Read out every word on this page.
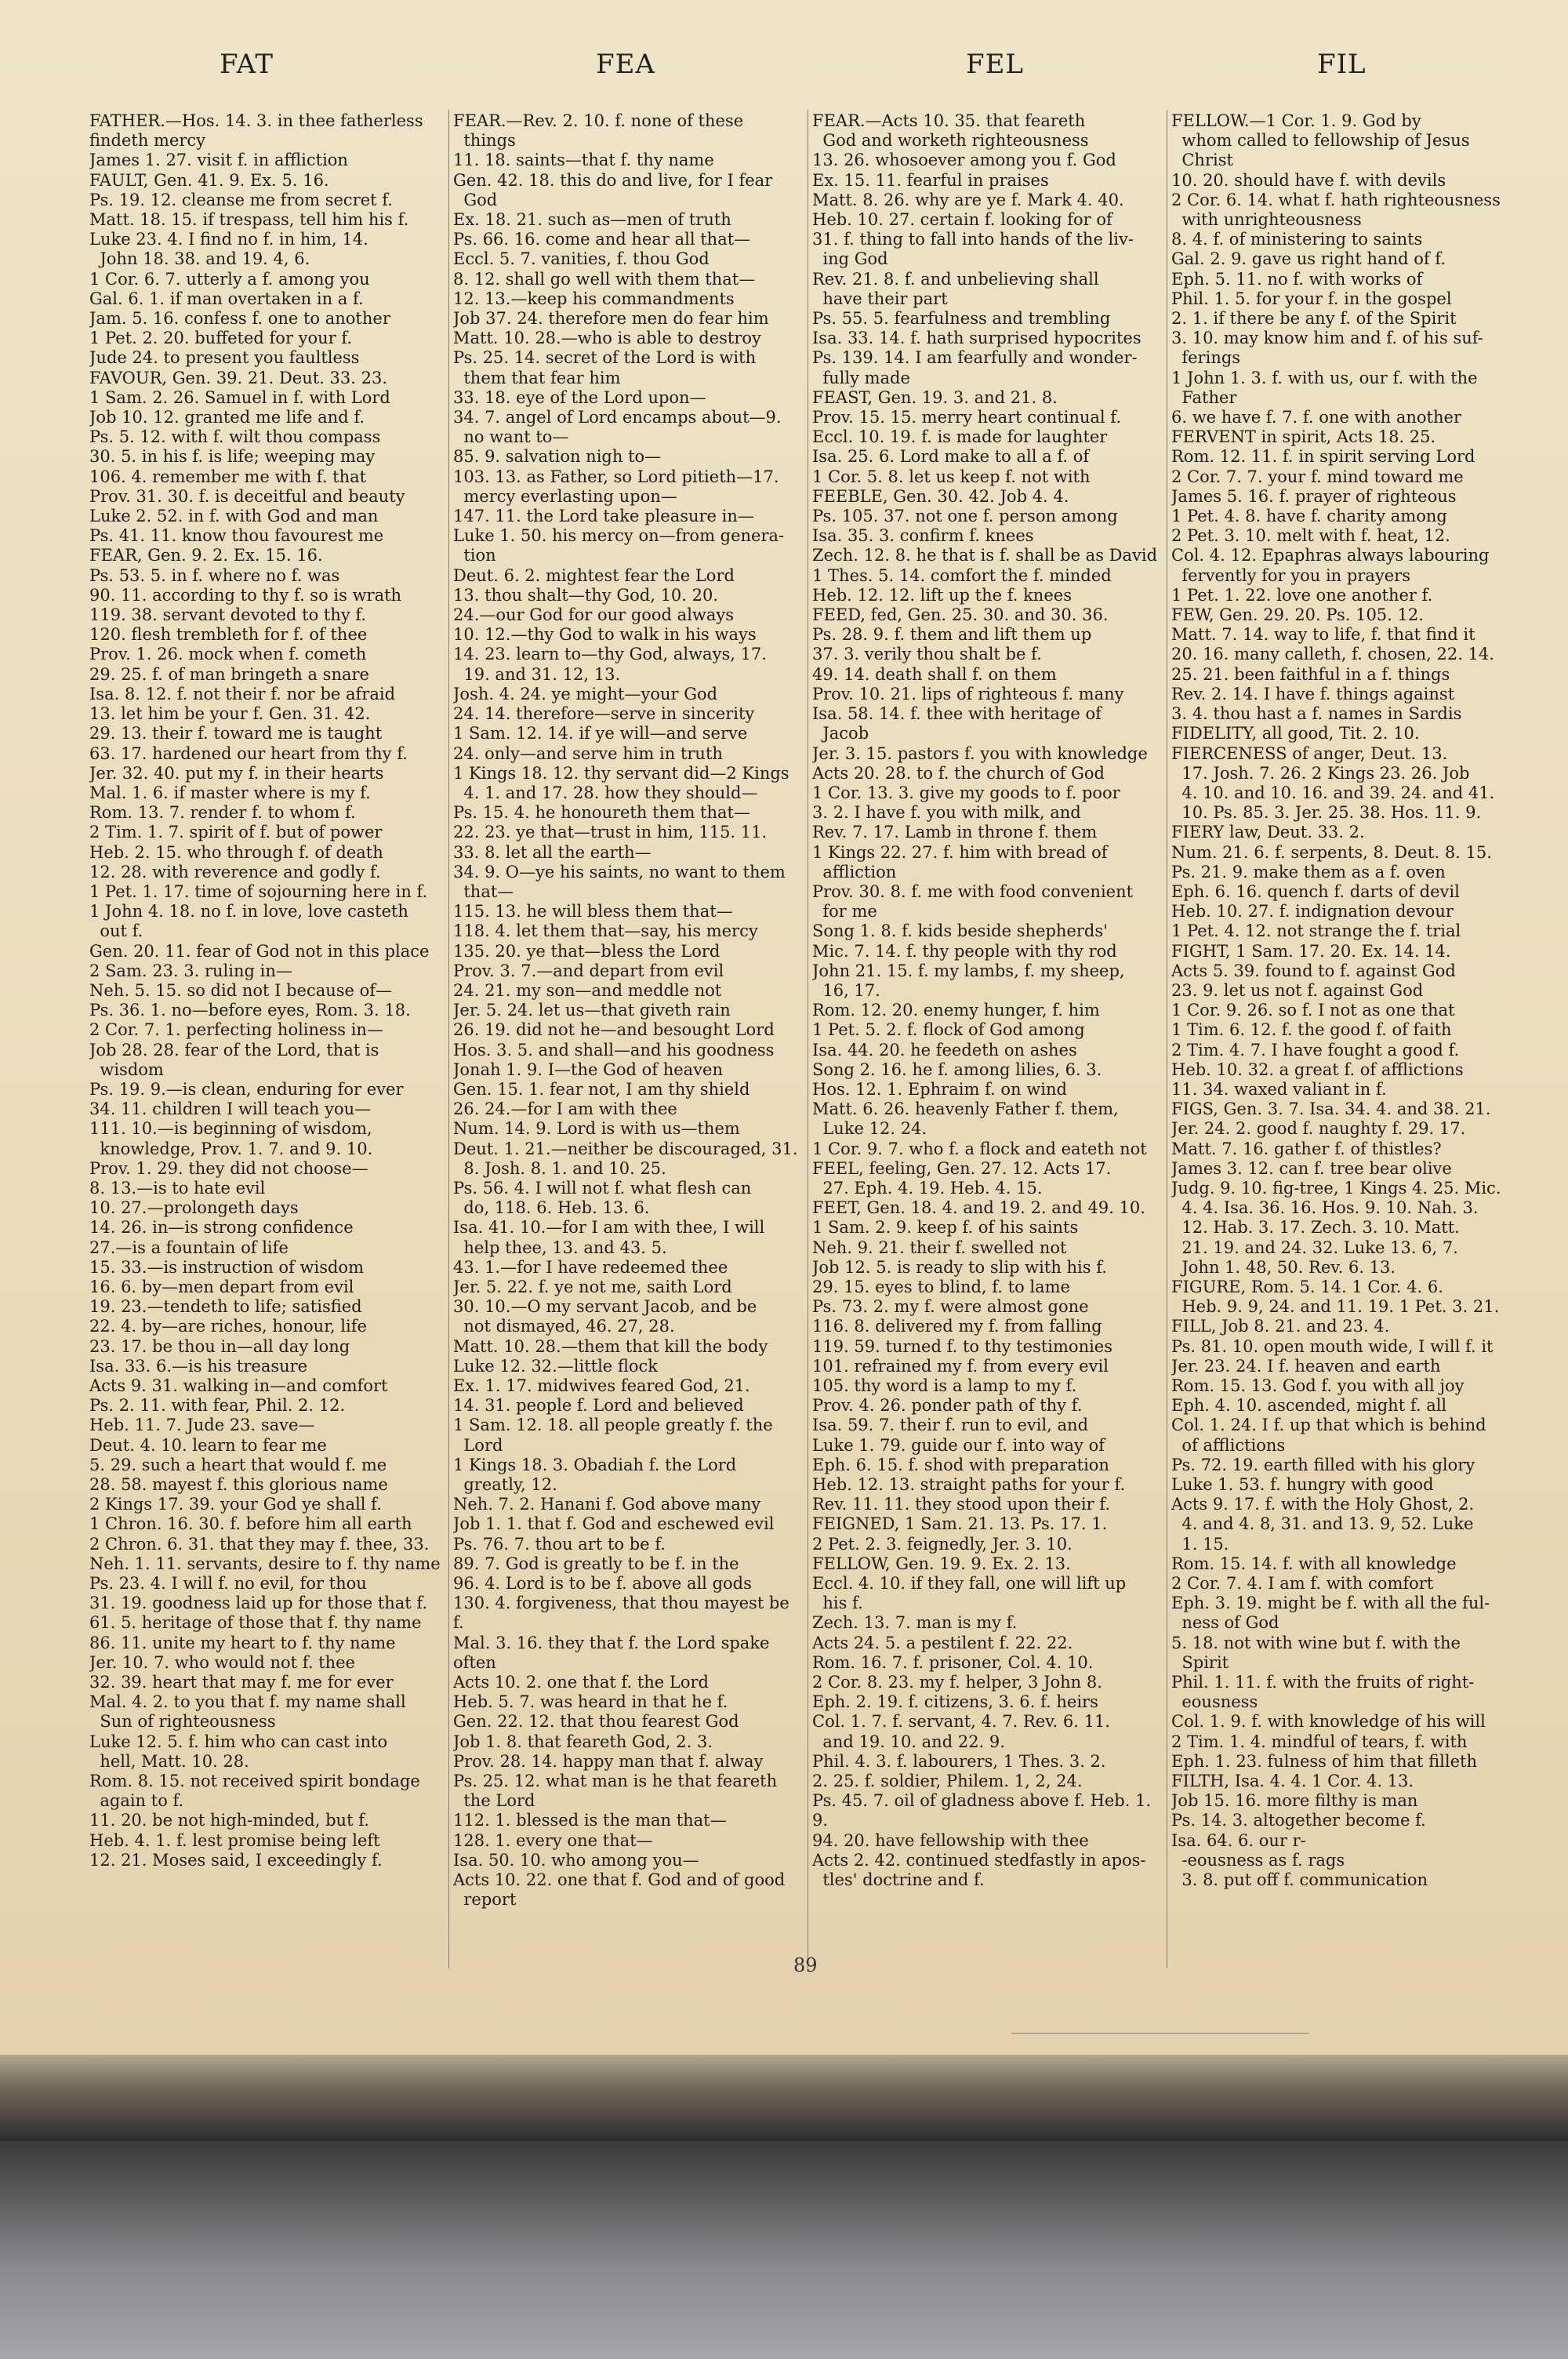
FAT	FEA	FEL	FIL
FATHER.—Hos. 14. 3. in thee fatherless findeth mercy
James 1. 27. visit f. in affliction
FAULT, Gen. 41. 9. Ex. 5. 16.
Ps. 19. 12. cleanse me from secret f.
Matt. 18. 15. if trespass, tell him his f.
Luke 23. 4. I find no f. in him, 14.
John 18. 38. and 19. 4, 6.
1 Cor. 6. 7. utterly a f. among you
Gal. 6. 1. if man overtaken in a f.
Jam. 5. 16. confess f. one to another
1 Pet. 2. 20. buffeted for your f.
Jude 24. to present you faultless
FAVOUR, Gen. 39. 21. Deut. 33. 23.
1 Sam. 2. 26. Samuel in f. with Lord
Job 10. 12. granted me life and f.
Ps. 5. 12. with f. wilt thou compass
30. 5. in his f. is life; weeping may
106. 4. remember me with f. that
Prov. 31. 30. f. is deceitful and beauty
Luke 2. 52. in f. with God and man
Ps. 41. 11. know thou favourest me
FEAR, Gen. 9. 2. Ex. 15. 16.
Ps. 53. 5. in f. where no f. was
90. 11. according to thy f. so is wrath
119. 38. servant devoted to thy f.
120. flesh trembleth for f. of thee
Prov. 1. 26. mock when f. cometh
29. 25. f. of man bringeth a snare
Isa. 8. 12. f. not their f. nor be afraid
13. let him be your f. Gen. 31. 42.
29. 13. their f. toward me is taught
63. 17. hardened our heart from thy f.
Jer. 32. 40. put my f. in their hearts
Mal. 1. 6. if master where is my f.
Rom. 13. 7. render f. to whom f.
2 Tim. 1. 7. spirit of f. but of power
Heb. 2. 15. who through f. of death
12. 28. with reverence and godly f.
1 Pet. 1. 17. time of sojourning here in f.
1 John 4. 18. no f. in love, love casteth
out f.
Gen. 20. 11. fear of God not in this place
2 Sam. 23. 3. ruling in—
Neh. 5. 15. so did not I because of—
Ps. 36. 1. no—before eyes, Rom. 3. 18.
2 Cor. 7. 1. perfecting holiness in—
Job 28. 28. fear of the Lord, that is
wisdom
Ps. 19. 9.—is clean, enduring for ever
34. 11. children I will teach you—
111. 10.—is beginning of wisdom,
knowledge, Prov. 1. 7. and 9. 10.
Prov. 1. 29. they did not choose—
8. 13.—is to hate evil
10. 27.—prolongeth days
14. 26. in—is strong confidence
27.—is a fountain of life
15. 33.—is instruction of wisdom
16. 6. by—men depart from evil
19. 23.—tendeth to life; satisfied
22. 4. by—are riches, honour, life
23. 17. be thou in—all day long
Isa. 33. 6.—is his treasure
Acts 9. 31. walking in—and comfort
Ps. 2. 11. with fear, Phil. 2. 12.
Heb. 11. 7. Jude 23. save—
Deut. 4. 10. learn to fear me
5. 29. such a heart that would f. me
28. 58. mayest f. this glorious name
2 Kings 17. 39. your God ye shall f.
1 Chron. 16. 30. f. before him all earth
2 Chron. 6. 31. that they may f. thee, 33.
Neh. 1. 11. servants, desire to f. thy name
Ps. 23. 4. I will f. no evil, for thou
31. 19. goodness laid up for those that f.
61. 5. heritage of those that f. thy name
86. 11. unite my heart to f. thy name
Jer. 10. 7. who would not f. thee
32. 39. heart that may f. me for ever
Mal. 4. 2. to you that f. my name shall
Sun of righteousness
Luke 12. 5. f. him who can cast into
hell, Matt. 10. 28.
Rom. 8. 15. not received spirit bondage
again to f.
11. 20. be not high-minded, but f.
Heb. 4. 1. f. lest promise being left
12. 21. Moses said, I exceedingly f.
FEAR.—Rev. 2. 10. f. none of these
things
11. 18. saints—that f. thy name
Gen. 42. 18. this do and live, for I fear
God
Ex. 18. 21. such as—men of truth
Ps. 66. 16. come and hear all that—
Eccl. 5. 7. vanities, f. thou God
8. 12. shall go well with them that—
12. 13.—keep his commandments
Job 37. 24. therefore men do fear him
Matt. 10. 28.—who is able to destroy
Ps. 25. 14. secret of the Lord is with
them that fear him
33. 18. eye of the Lord upon—
34. 7. angel of Lord encamps about—9.
no want to—
85. 9. salvation nigh to—
103. 13. as Father, so Lord pitieth—17.
mercy everlasting upon—
147. 11. the Lord take pleasure in—
Luke 1. 50. his mercy on—from genera-
tion
Deut. 6. 2. mightest fear the Lord
13. thou shalt—thy God, 10. 20.
24.—our God for our good always
10. 12.—thy God to walk in his ways
14. 23. learn to—thy God, always, 17.
19. and 31. 12, 13.
Josh. 4. 24. ye might—your God
24. 14. therefore—serve in sincerity
1 Sam. 12. 14. if ye will—and serve
24. only—and serve him in truth
1 Kings 18. 12. thy servant did—2 Kings
4. 1. and 17. 28. how they should—
Ps. 15. 4. he honoureth them that—
22. 23. ye that—trust in him, 115. 11.
33. 8. let all the earth—
34. 9. O—ye his saints, no want to them
that—
115. 13. he will bless them that—
118. 4. let them that—say, his mercy
135. 20. ye that—bless the Lord
Prov. 3. 7.—and depart from evil
24. 21. my son—and meddle not
Jer. 5. 24. let us—that giveth rain
26. 19. did not he—and besought Lord
Hos. 3. 5. and shall—and his goodness
Jonah 1. 9. I—the God of heaven
Gen. 15. 1. fear not, I am thy shield
26. 24.—for I am with thee
Num. 14. 9. Lord is with us—them
Deut. 1. 21.—neither be discouraged, 31.
8. Josh. 8. 1. and 10. 25.
Ps. 56. 4. I will not f. what flesh can
do, 118. 6. Heb. 13. 6.
Isa. 41. 10.—for I am with thee, I will
help thee, 13. and 43. 5.
43. 1.—for I have redeemed thee
Jer. 5. 22. f. ye not me, saith Lord
30. 10.—O my servant Jacob, and be
not dismayed, 46. 27, 28.
Matt. 10. 28.—them that kill the body
Luke 12. 32.—little flock
Ex. 1. 17. midwives feared God, 21.
14. 31. people f. Lord and believed
1 Sam. 12. 18. all people greatly f. the
Lord
1 Kings 18. 3. Obadiah f. the Lord
greatly, 12.
Neh. 7. 2. Hanani f. God above many
Job 1. 1. that f. God and eschewed evil
Ps. 76. 7. thou art to be f.
89. 7. God is greatly to be f. in the
96. 4. Lord is to be f. above all gods
130. 4. forgiveness, that thou mayest be f.
Mal. 3. 16. they that f. the Lord spake often
Acts 10. 2. one that f. the Lord
Heb. 5. 7. was heard in that he f.
Gen. 22. 12. that thou fearest God
Job 1. 8. that feareth God, 2. 3.
Prov. 28. 14. happy man that f. alway
Ps. 25. 12. what man is he that feareth
the Lord
112. 1. blessed is the man that—
128. 1. every one that—
Isa. 50. 10. who among you—
Acts 10. 22. one that f. God and of good
report
FEAR.—Acts 10. 35. that feareth
God and worketh righteousness
13. 26. whosoever among you f. God
Ex. 15. 11. fearful in praises
Matt. 8. 26. why are ye f. Mark 4. 40.
Heb. 10. 27. certain f. looking for of
31. f. thing to fall into hands of the liv-
ing God
Rev. 21. 8. f. and unbelieving shall
have their part
Ps. 55. 5. fearfulness and trembling
Isa. 33. 14. f. hath surprised hypocrites
Ps. 139. 14. I am fearfully and wonder-
fully made
FEAST, Gen. 19. 3. and 21. 8.
Prov. 15. 15. merry heart continual f.
Eccl. 10. 19. f. is made for laughter
Isa. 25. 6. Lord make to all a f. of
1 Cor. 5. 8. let us keep f. not with
FEEBLE, Gen. 30. 42. Job 4. 4.
Ps. 105. 37. not one f. person among
Isa. 35. 3. confirm f. knees
Zech. 12. 8. he that is f. shall be as David
1 Thes. 5. 14. comfort the f. minded
Heb. 12. 12. lift up the f. knees
FEED, fed, Gen. 25. 30. and 30. 36.
Ps. 28. 9. f. them and lift them up
37. 3. verily thou shalt be f.
49. 14. death shall f. on them
Prov. 10. 21. lips of righteous f. many
Isa. 58. 14. f. thee with heritage of
Jacob
Jer. 3. 15. pastors f. you with knowledge
Acts 20. 28. to f. the church of God
1 Cor. 13. 3. give my goods to f. poor
3. 2. I have f. you with milk, and
Rev. 7. 17. Lamb in throne f. them
1 Kings 22. 27. f. him with bread of
affliction
Prov. 30. 8. f. me with food convenient
for me
Song 1. 8. f. kids beside shepherds'
Mic. 7. 14. f. thy people with thy rod
John 21. 15. f. my lambs, f. my sheep,
16, 17.
Rom. 12. 20. enemy hunger, f. him
1 Pet. 5. 2. f. flock of God among
Isa. 44. 20. he feedeth on ashes
Song 2. 16. he f. among lilies, 6. 3.
Hos. 12. 1. Ephraim f. on wind
Matt. 6. 26. heavenly Father f. them,
Luke 12. 24.
1 Cor. 9. 7. who f. a flock and eateth not
FEEL, feeling, Gen. 27. 12. Acts 17.
27. Eph. 4. 19. Heb. 4. 15.
FEET, Gen. 18. 4. and 19. 2. and 49. 10.
1 Sam. 2. 9. keep f. of his saints
Neh. 9. 21. their f. swelled not
Job 12. 5. is ready to slip with his f.
29. 15. eyes to blind, f. to lame
Ps. 73. 2. my f. were almost gone
116. 8. delivered my f. from falling
119. 59. turned f. to thy testimonies
101. refrained my f. from every evil
105. thy word is a lamp to my f.
Prov. 4. 26. ponder path of thy f.
Isa. 59. 7. their f. run to evil, and
Luke 1. 79. guide our f. into way of
Eph. 6. 15. f. shod with preparation
Heb. 12. 13. straight paths for your f.
Rev. 11. 11. they stood upon their f.
FEIGNED, 1 Sam. 21. 13. Ps. 17. 1.
2 Pet. 2. 3. feignedly, Jer. 3. 10.
FELLOW, Gen. 19. 9. Ex. 2. 13.
Eccl. 4. 10. if they fall, one will lift up
his f.
Zech. 13. 7. man is my f.
Acts 24. 5. a pestilent f. 22. 22.
Rom. 16. 7. f. prisoner, Col. 4. 10.
2 Cor. 8. 23. my f. helper, 3 John 8.
Eph. 2. 19. f. citizens, 3. 6. f. heirs
Col. 1. 7. f. servant, 4. 7. Rev. 6. 11.
and 19. 10. and 22. 9.
Phil. 4. 3. f. labourers, 1 Thes. 3. 2.
2. 25. f. soldier, Philem. 1, 2, 24.
Ps. 45. 7. oil of gladness above f. Heb. 1. 9.
94. 20. have fellowship with thee
Acts 2. 42. continued stedfastly in apos-
tles' doctrine and f.
FELLOW.—1 Cor. 1. 9. God by
whom called to fellowship of Jesus
Christ
10. 20. should have f. with devils
2 Cor. 6. 14. what f. hath righteousness
with unrighteousness
8. 4. f. of ministering to saints
Gal. 2. 9. gave us right hand of f.
Eph. 5. 11. no f. with works of
Phil. 1. 5. for your f. in the gospel
2. 1. if there be any f. of the Spirit
3. 10. may know him and f. of his suf-
ferings
1 John 1. 3. f. with us, our f. with the
Father
6. we have f. 7. f. one with another
FERVENT in spirit, Acts 18. 25.
Rom. 12. 11. f. in spirit serving Lord
2 Cor. 7. 7. your f. mind toward me
James 5. 16. f. prayer of righteous
1 Pet. 4. 8. have f. charity among
2 Pet. 3. 10. melt with f. heat, 12.
Col. 4. 12. Epaphras always labouring
fervently for you in prayers
1 Pet. 1. 22. love one another f.
FEW, Gen. 29. 20. Ps. 105. 12.
Matt. 7. 14. way to life, f. that find it
20. 16. many calleth, f. chosen, 22. 14.
25. 21. been faithful in a f. things
Rev. 2. 14. I have f. things against
3. 4. thou hast a f. names in Sardis
FIDELITY, all good, Tit. 2. 10.
FIERCENESS of anger, Deut. 13.
17. Josh. 7. 26. 2 Kings 23. 26. Job
4. 10. and 10. 16. and 39. 24. and 41.
10. Ps. 85. 3. Jer. 25. 38. Hos. 11. 9.
FIERY law, Deut. 33. 2.
Num. 21. 6. f. serpents, 8. Deut. 8. 15.
Ps. 21. 9. make them as a f. oven
Eph. 6. 16. quench f. darts of devil
Heb. 10. 27. f. indignation devour
1 Pet. 4. 12. not strange the f. trial
FIGHT, 1 Sam. 17. 20. Ex. 14. 14.
Acts 5. 39. found to f. against God
23. 9. let us not f. against God
1 Cor. 9. 26. so f. I not as one that
1 Tim. 6. 12. f. the good f. of faith
2 Tim. 4. 7. I have fought a good f.
Heb. 10. 32. a great f. of afflictions
11. 34. waxed valiant in f.
FIGS, Gen. 3. 7. Isa. 34. 4. and 38. 21.
Jer. 24. 2. good f. naughty f. 29. 17.
Matt. 7. 16. gather f. of thistles?
James 3. 12. can f. tree bear olive
Judg. 9. 10. fig-tree, 1 Kings 4. 25. Mic.
4. 4. Isa. 36. 16. Hos. 9. 10. Nah. 3.
12. Hab. 3. 17. Zech. 3. 10. Matt.
21. 19. and 24. 32. Luke 13. 6, 7.
John 1. 48, 50. Rev. 6. 13.
FIGURE, Rom. 5. 14. 1 Cor. 4. 6.
Heb. 9. 9, 24. and 11. 19. 1 Pet. 3. 21.
FILL, Job 8. 21. and 23. 4.
Ps. 81. 10. open mouth wide, I will f. it
Jer. 23. 24. I f. heaven and earth
Rom. 15. 13. God f. you with all joy
Eph. 4. 10. ascended, might f. all
Col. 1. 24. I f. up that which is behind
of afflictions
Ps. 72. 19. earth filled with his glory
Luke 1. 53. f. hungry with good
Acts 9. 17. f. with the Holy Ghost, 2.
4. and 4. 8, 31. and 13. 9, 52. Luke
1. 15.
Rom. 15. 14. f. with all knowledge
2 Cor. 7. 4. I am f. with comfort
Eph. 3. 19. might be f. with all the ful-
ness of God
5. 18. not with wine but f. with the
Spirit
Phil. 1. 11. f. with the fruits of right-
eousness
Col. 1. 9. f. with knowledge of his will
2 Tim. 1. 4. mindful of tears, f. with
Eph. 1. 23. fulness of him that filleth
FILTH, Isa. 4. 4. 1 Cor. 4. 13.
Job 15. 16. more filthy is man
Ps. 14. 3. altogether become f.
Isa. 64. 6. our r-
-eousness as f. rags
3. 8. put off f. communication
89
